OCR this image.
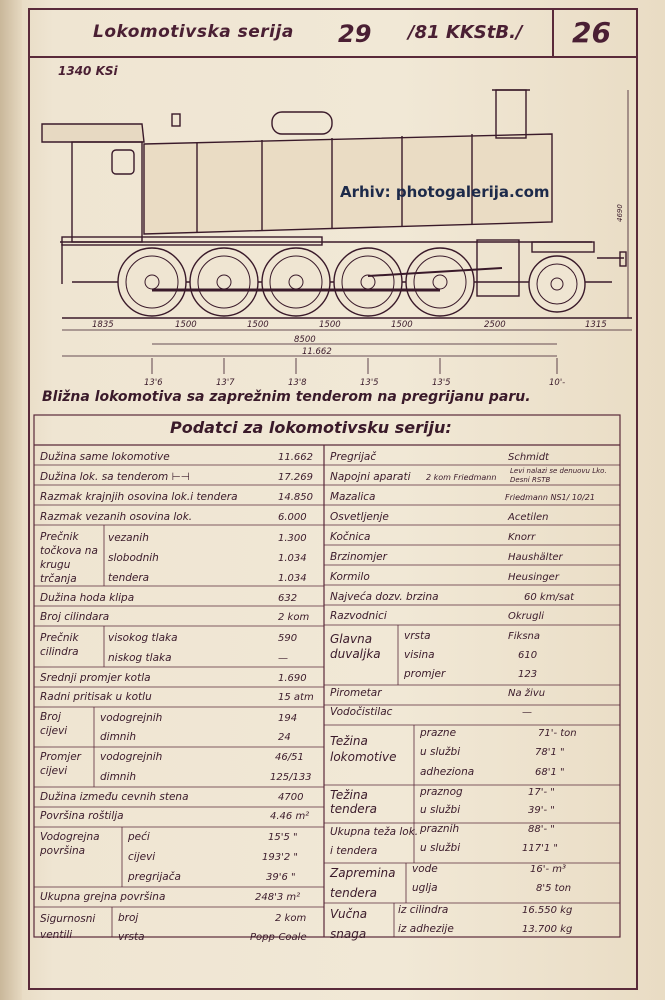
Lokomotivska serija 29 /81 KKStB./ 26
1340 KSi
1835	1500	1500	1500	1500	2500	1315
8500
11.662
4690
13'6	13'7	13'8	13'5	13'5	10'-
Arhiv: photogalerija.com
Bližna lokomotiva sa zaprežnim tenderom na pregrijanu paru.
Podatci za lokomotivsku seriju:
Dužina same lokomotive	11.662
Dužina lok. sa tenderom ⊢⊣	17.269
Razmak krajnjih osovina lok.i tendera	14.850
Razmak vezanih osovina lok.	6.000
Prečnik točkova na krugu trčanja
vezanih	1.300
slobodnih	1.034
tendera	1.034
Dužina hoda klipa	632
Broj cilindara	2 kom
Prečnik cilindra
visokog tlaka	590
niskog tlaka	—
Srednji promjer kotla	1.690
Radni pritisak u kotlu	15 atm
Broj cijevi
vodogrejnih	194
dimnih	24
Promjer cijevi
vodogrejnih	46/51
dimnih	125/133
Dužina između cevnih stena	4700
Površina roštilja	4.46 m²
Vodogrejna površina
peći	15'5 "
cijevi	193'2 "
pregrijača	39'6 "
Ukupna grejna površina	248'3 m²
Sigurnosni ventili
broj	2 kom
vrsta	Popp-Coale
Pregrijač	Schmidt
Napojni aparati 2 kom Friedmann
Levi nalazi se denuovu Lko. Desni RSTB
Mazalica	Friedmann NS1/ 10/21
Osvetljenje	Acetilen
Kočnica	Knorr
Brzinomjer	Haushälter
Kormilo	Heusinger
Najveća dozv. brzina	60 km/sat
Razvodnici	Okrugli
Glavna duvaljka
vrsta	Fiksna
visina	610
promjer	123
Pirometar	Na živu
Vodočistilac	—
Težina lokomotive
prazne	71'- ton
u službi	78'1 "
adheziona	68'1 "
Težina tendera
praznog	17'- "
u službi	39'- "
Ukupna teža lok. i tendera
praznih	88'- "
u službi	117'1 "
Zapremina tendera
vode	16'- m³
uglja	8'5 ton
Vučna snaga
iz cilindra	16.550 kg
iz adhezije	13.700 kg
